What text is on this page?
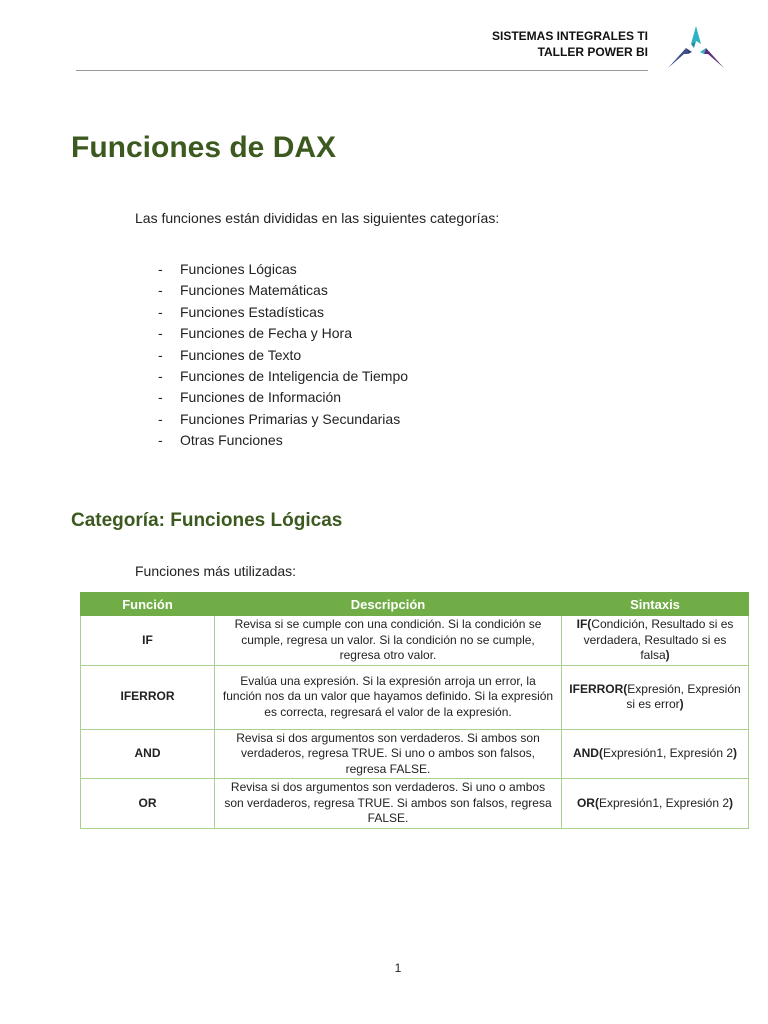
SISTEMAS INTEGRALES TI
TALLER POWER BI
Funciones de DAX

Las funciones están divididas en las siguientes categorías:

-	Funciones Lógicas
-	Funciones Matemáticas
-	Funciones Estadísticas
-	Funciones de Fecha y Hora
-	Funciones de Texto
-	Funciones de Inteligencia de Tiempo
-	Funciones de Información
-	Funciones Primarias y Secundarias
-	Otras Funciones
Categoría: Funciones Lógicas

Funciones más utilizadas:

Función	Descripción	Sintaxis
IF	Revisa si se cumple con una condición. Si la condición se cumple, regresa un valor. Si la condición no se cumple, regresa otro valor.	IF(Condición, Resultado si es verdadera, Resultado si es falsa)
IFERROR	Evalúa una expresión. Si la expresión arroja un error, la función nos da un valor que hayamos definido. Si la expresión es correcta, regresará el valor de la expresión.	IFERROR(Expresión, Expresión si es error)
AND	Revisa si dos argumentos son verdaderos. Si ambos son verdaderos, regresa TRUE. Si uno o ambos son falsos, regresa FALSE.	AND(Expresión1, Expresión 2)
OR	Revisa si dos argumentos son verdaderos. Si uno o ambos son verdaderos, regresa TRUE. Si ambos son falsos, regresa FALSE.	OR(Expresión1, Expresión 2)
1
